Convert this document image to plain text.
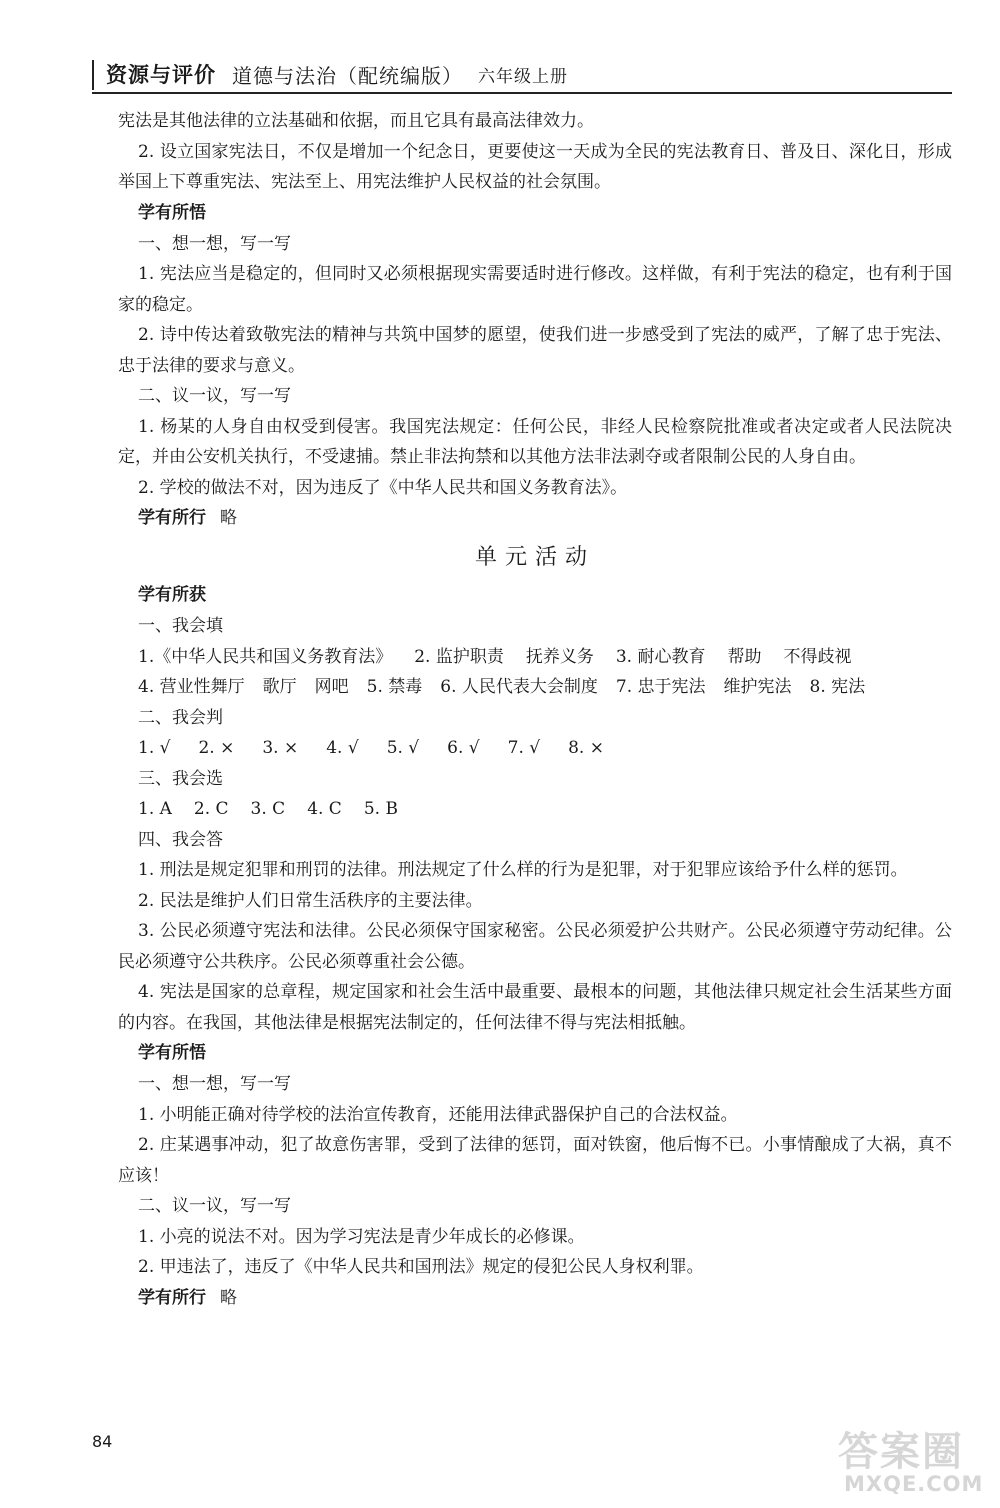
资源与评价 道德与法治（配统编版） 六年级上册

宪法是其他法律的立法基础和依据，而且它具有最高法律效力。

2. 设立国家宪法日，不仅是增加一个纪念日，更要使这一天成为全民的宪法教育日、普及日、深化日，形成举国上下尊重宪法、宪法至上、用宪法维护人民权益的社会氛围。

学有所悟

一、想一想，写一写

1. 宪法应当是稳定的，但同时又必须根据现实需要适时进行修改。这样做，有利于宪法的稳定，也有利于国家的稳定。

2. 诗中传达着致敬宪法的精神与共筑中国梦的愿望，使我们进一步感受到了宪法的威严，了解了忠于宪法、忠于法律的要求与意义。

二、议一议，写一写

1. 杨某的人身自由权受到侵害。我国宪法规定：任何公民，非经人民检察院批准或者决定或者人民法院决定，并由公安机关执行，不受逮捕。禁止非法拘禁和以其他方法非法剥夺或者限制公民的人身自由。

2. 学校的做法不对，因为违反了《中华人民共和国义务教育法》。

学有所行 略

单元活动

学有所获

一、我会填

1.《中华人民共和国义务教育法》 2. 监护职责 抚养义务 3. 耐心教育 帮助 不得歧视
4. 营业性舞厅 歌厅 网吧 5. 禁毒 6. 人民代表大会制度 7. 忠于宪法 维护宪法 8. 宪法

二、我会判

1. √ 2. × 3. × 4. √ 5. √ 6. √ 7. √ 8. ×

三、我会选

1. A 2. C 3. C 4. C 5. B

四、我会答

1. 刑法是规定犯罪和刑罚的法律。刑法规定了什么样的行为是犯罪，对于犯罪应该给予什么样的惩罚。

2. 民法是维护人们日常生活秩序的主要法律。

3. 公民必须遵守宪法和法律。公民必须保守国家秘密。公民必须爱护公共财产。公民必须遵守劳动纪律。公民必须遵守公共秩序。公民必须尊重社会公德。

4. 宪法是国家的总章程，规定国家和社会生活中最重要、最根本的问题，其他法律只规定社会生活某些方面的内容。在我国，其他法律是根据宪法制定的，任何法律不得与宪法相抵触。

学有所悟

一、想一想，写一写

1. 小明能正确对待学校的法治宣传教育，还能用法律武器保护自己的合法权益。

2. 庄某遇事冲动，犯了故意伤害罪，受到了法律的惩罚，面对铁窗，他后悔不已。小事情酿成了大祸，真不应该！

二、议一议，写一写

1. 小亮的说法不对。因为学习宪法是青少年成长的必修课。

2. 甲违法了，违反了《中华人民共和国刑法》规定的侵犯公民人身权利罪。

学有所行 略

84	答案圈
MXQE.COM
